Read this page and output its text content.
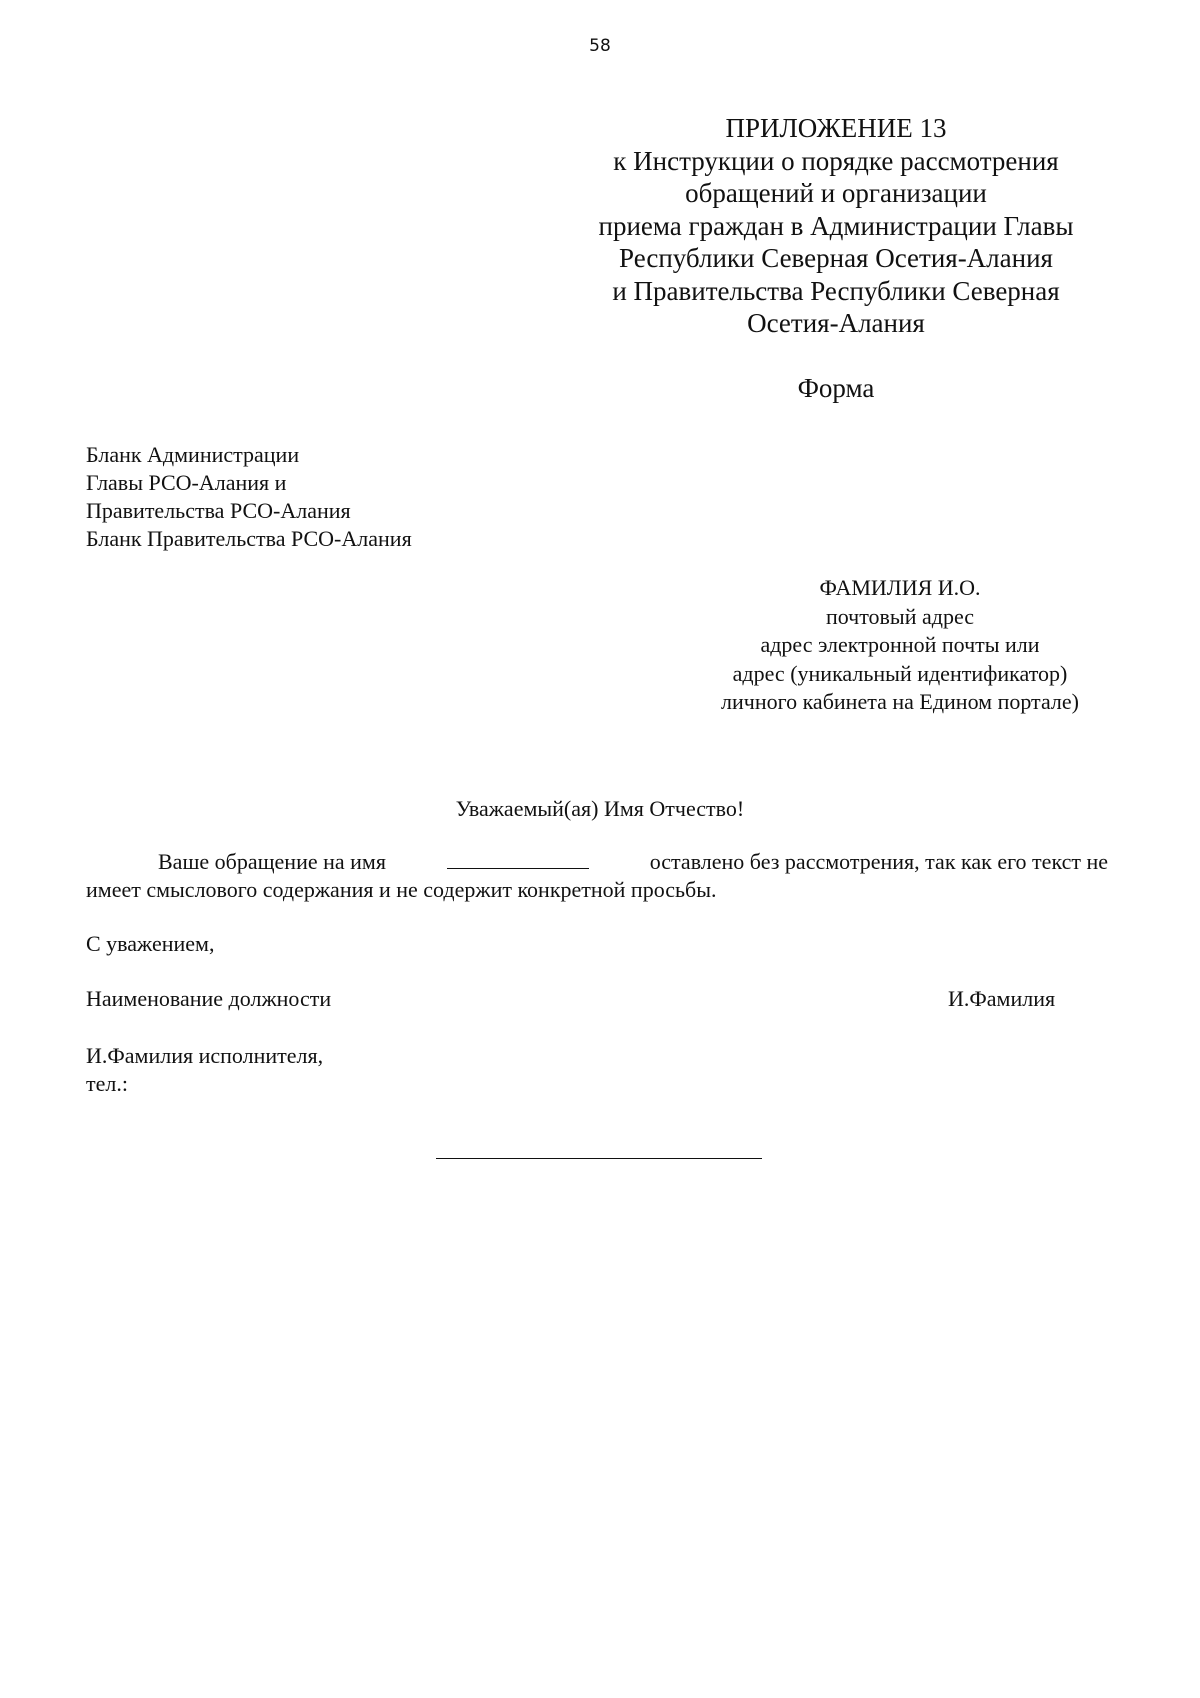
58
ПРИЛОЖЕНИЕ 13
к Инструкции о порядке рассмотрения
обращений и организации
приема граждан в Администрации Главы
Республики Северная Осетия-Алания
и Правительства Республики Северная
Осетия-Алания
Форма
Бланк Администрации
Главы РСО-Алания и
Правительства РСО-Алания
Бланк Правительства РСО-Алания
ФАМИЛИЯ И.О.
почтовый адрес
адрес электронной почты или
адрес (уникальный идентификатор)
личного кабинета на Едином портале)
Уважаемый(ая) Имя Отчество!
Ваше обращение на имя	оставлено без рассмотрения, так как его текст не
имеет смыслового содержания и не содержит конкретной просьбы.
С уважением,
Наименование должности	И.Фамилия
И.Фамилия исполнителя,
тел.:
